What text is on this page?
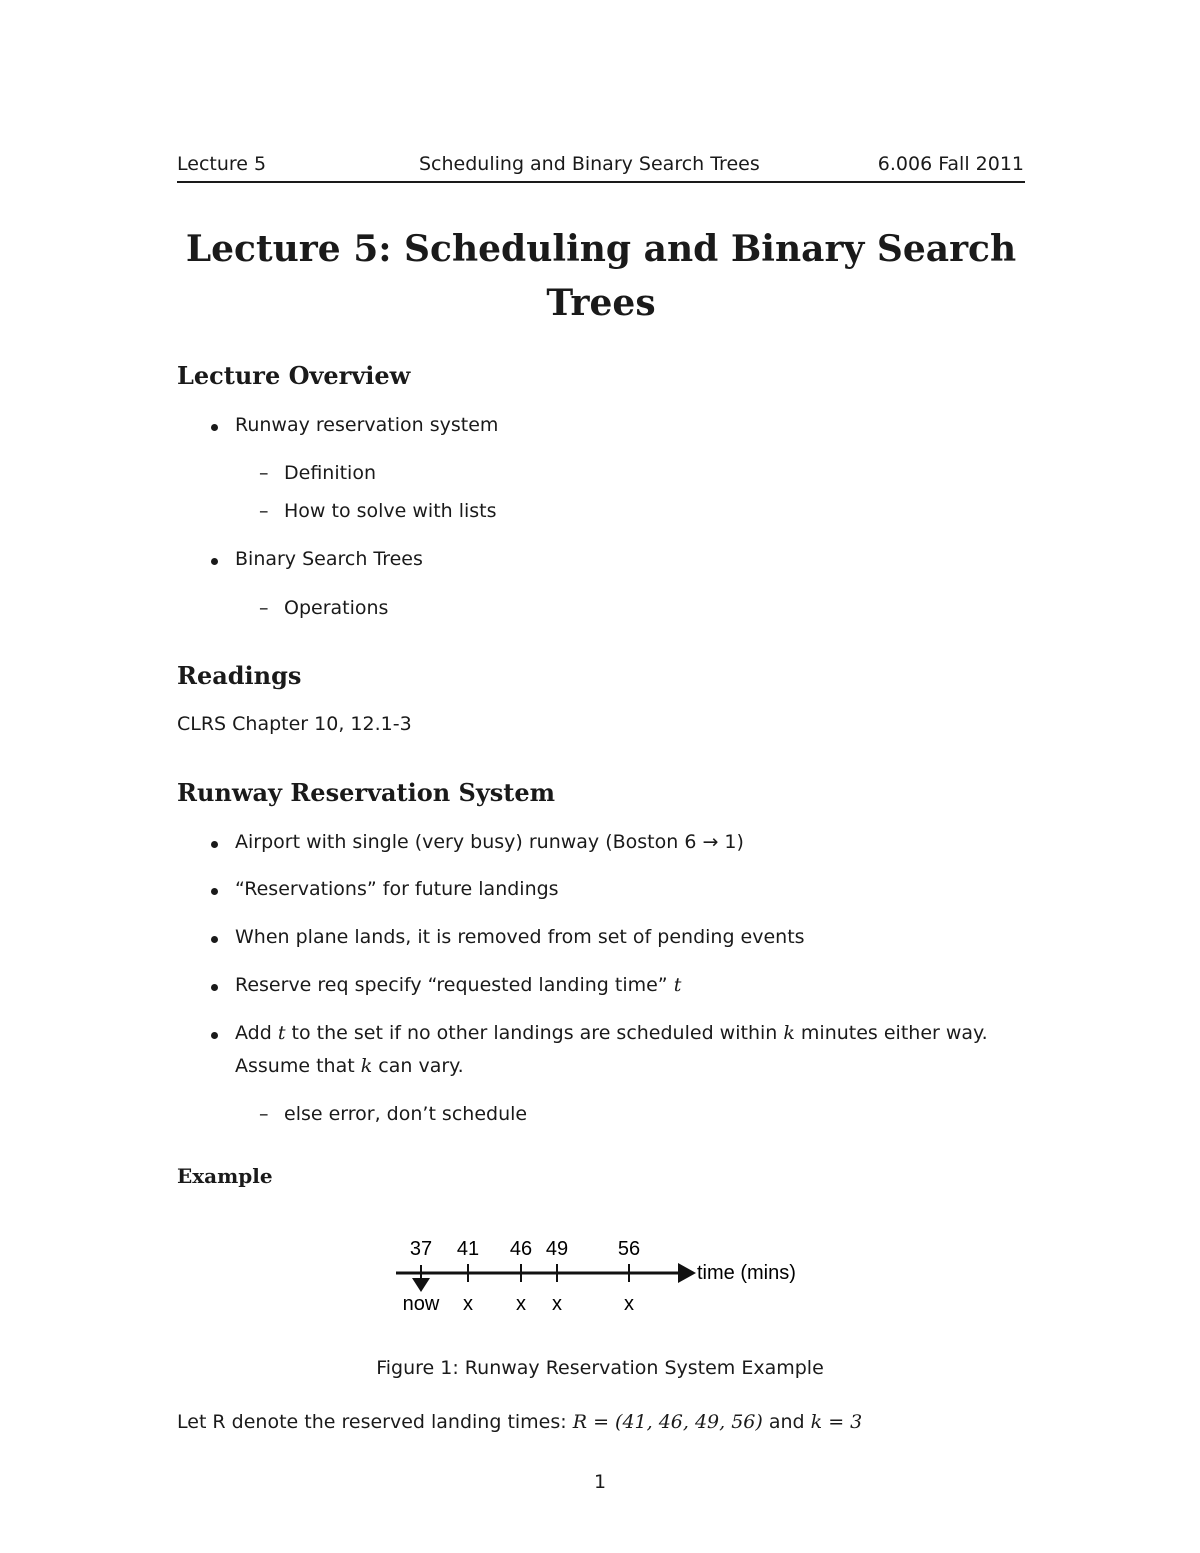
Lecture 5	Scheduling and Binary Search Trees	6.006 Fall 2011
Lecture 5: Scheduling and Binary Search
Trees
Lecture Overview
Runway reservation system
– Definition
– How to solve with lists
Binary Search Trees
– Operations
Readings
CLRS Chapter 10, 12.1-3
Runway Reservation System
Airport with single (very busy) runway (Boston 6 → 1)
“Reservations” for future landings
When plane lands, it is removed from set of pending events
Reserve req specify “requested landing time” t
Add t to the set if no other landings are scheduled within k minutes either way.
Assume that k can vary.
– else error, don’t schedule
Example
37 41 46 49 56
now x x x	x
time (mins)
Figure 1: Runway Reservation System Example
Let R denote the reserved landing times: R = (41, 46, 49, 56) and k = 3
1
